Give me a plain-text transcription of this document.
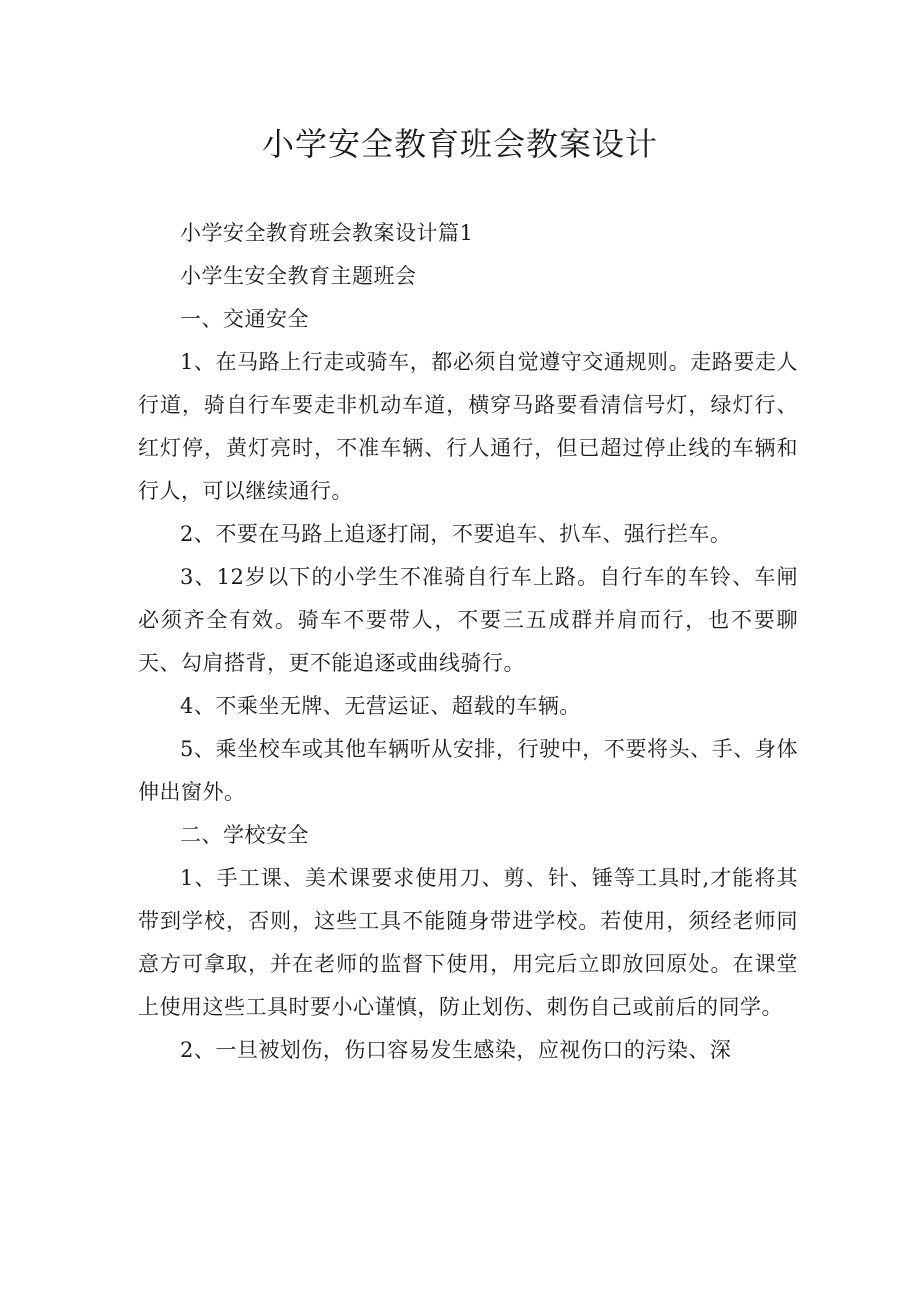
小学安全教育班会教案设计

小学安全教育班会教案设计篇1

小学生安全教育主题班会

一、交通安全

1、在马路上行走或骑车，都必须自觉遵守交通规则。走路要走人行道，骑自行车要走非机动车道，横穿马路要看清信号灯，绿灯行、红灯停，黄灯亮时，不准车辆、行人通行，但已超过停止线的车辆和行人，可以继续通行。

2、不要在马路上追逐打闹，不要追车、扒车、强行拦车。

3、12岁以下的小学生不准骑自行车上路。自行车的车铃、车闸必须齐全有效。骑车不要带人，不要三五成群并肩而行，也不要聊天、勾肩搭背，更不能追逐或曲线骑行。

4、不乘坐无牌、无营运证、超载的车辆。

5、乘坐校车或其他车辆听从安排，行驶中，不要将头、手、身体伸出窗外。

二、学校安全

1、手工课、美术课要求使用刀、剪、针、锤等工具时,才能将其带到学校，否则，这些工具不能随身带进学校。若使用，须经老师同意方可拿取，并在老师的监督下使用，用完后立即放回原处。在课堂上使用这些工具时要小心谨慎，防止划伤、刺伤自己或前后的同学。

2、一旦被划伤，伤口容易发生感染，应视伤口的污染、深
